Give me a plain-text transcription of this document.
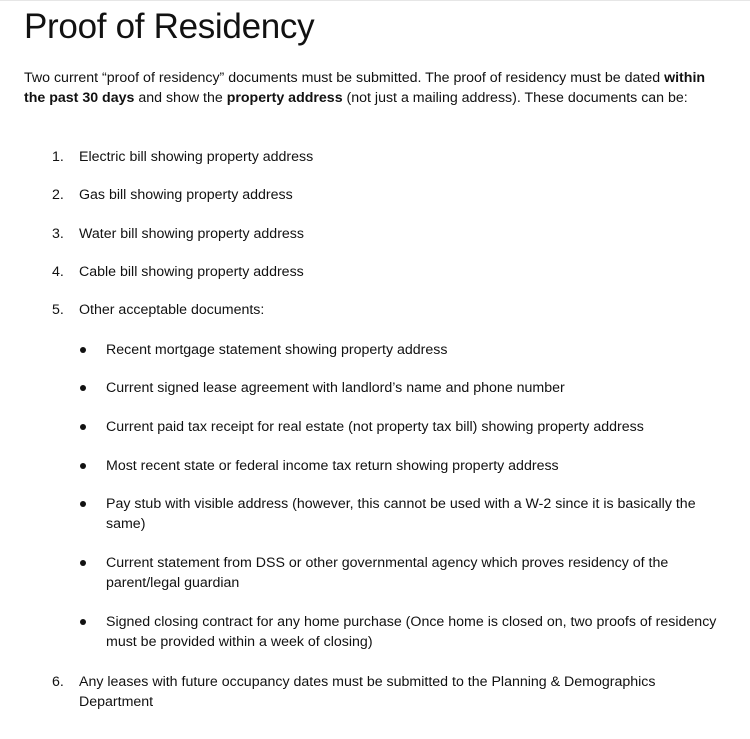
Proof of Residency

Two current “proof of residency” documents must be submitted. The proof of residency must be dated within the past 30 days and show the property address (not just a mailing address). These documents can be:

1.	Electric bill showing property address
2.	Gas bill showing property address
3.	Water bill showing property address
4.	Cable bill showing property address
5.	Other acceptable documents:
Recent mortgage statement showing property address
Current signed lease agreement with landlord’s name and phone number
Current paid tax receipt for real estate (not property tax bill) showing property address
Most recent state or federal income tax return showing property address
Pay stub with visible address (however, this cannot be used with a W-2 since it is basically the same)
Current statement from DSS or other governmental agency which proves residency of the parent/legal guardian
Signed closing contract for any home purchase (Once home is closed on, two proofs of residency must be provided within a week of closing)
6.	Any leases with future occupancy dates must be submitted to the Planning & Demographics Department
